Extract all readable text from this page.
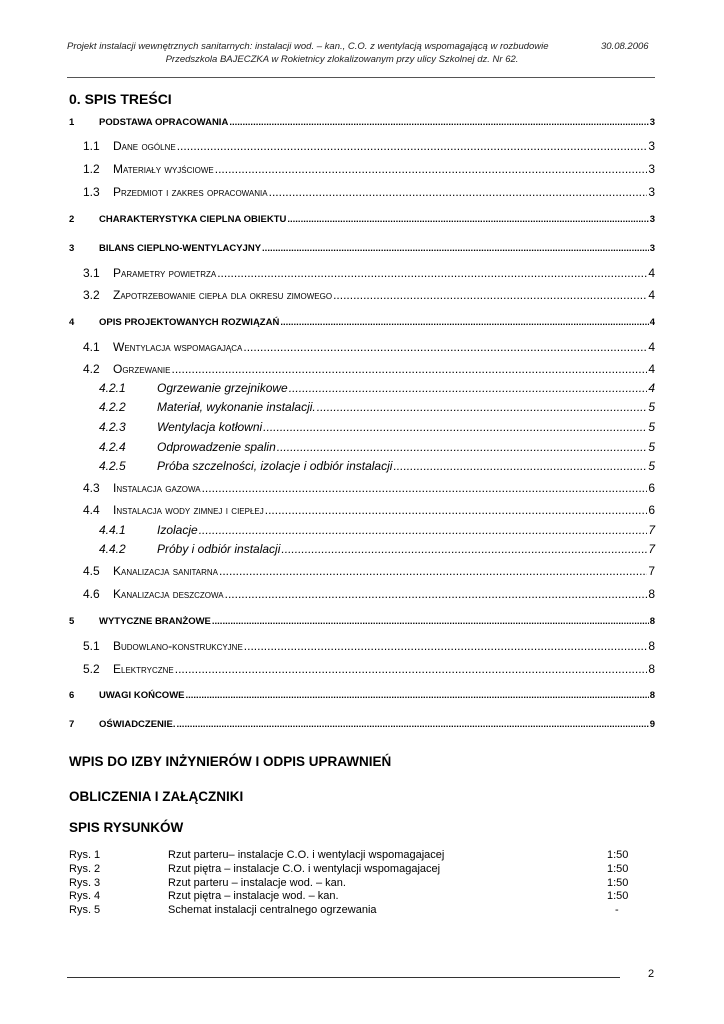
Projekt instalacji wewnętrznych sanitarnych: instalacji wod. – kan., C.O. z wentylacją wspomagającą w rozbudowie	30.08.2006
Przedszkola BAJECZKA w Rokietnicy zlokalizowanym przy ulicy Szkolnej dz. Nr 62.
0. SPIS TREŚCI
1	PODSTAWA OPRACOWANIA .....	3
1.1	Dane ogólne .....	3
1.2	Materiały wyjściowe .....	3
1.3	Przedmiot i zakres opracowania .....	3
2	CHARAKTERYSTYKA CIEPLNA OBIEKTU .....	3
3	BILANS CIEPLNO-WENTYLACYJNY .....	3
3.1	Parametry powietrza .....	4
3.2	Zapotrzebowanie ciepła dla okresu zimowego .....	4
4	OPIS PROJEKTOWANYCH ROZWIĄZAŃ .....	4
4.1	Wentylacja wspomagająca .....	4
4.2	Ogrzewanie .....	4
4.2.1	Ogrzewanie grzejnikowe .....	4
4.2.2	Materiał, wykonanie instalacji. .....	5
4.2.3	Wentylacja kotłowni .....	5
4.2.4	Odprowadzenie spalin .....	5
4.2.5	Próba szczelności, izolacje i odbiór instalacji .....	5
4.3	Instalacja gazowa .....	6
4.4	Instalacja wody zimnej i ciepłej .....	6
4.4.1	Izolacje .....	7
4.4.2	Próby i odbiór instalacji .....	7
4.5	Kanalizacja sanitarna .....	7
4.6	Kanalizacja deszczowa .....	8
5	WYTYCZNE BRANŻOWE .....	8
5.1	Budowlano-konstrukcyjne .....	8
5.2	Elektryczne .....	8
6	UWAGI KOŃCOWE .....	8
7	OŚWIADCZENIE. .....	9
WPIS DO IZBY INŻYNIERÓW I ODPIS UPRAWNIEŃ
OBLICZENIA I ZAŁĄCZNIKI
SPIS RYSUNKÓW
Rys. 1	Rzut parteru– instalacje C.O. i wentylacji wspomagajacej	1:50
Rys. 2	Rzut piętra – instalacje C.O. i wentylacji wspomagajacej	1:50
Rys. 3	Rzut parteru – instalacje wod. – kan.	1:50
Rys. 4	Rzut piętra – instalacje wod. – kan.	1:50
Rys. 5	Schemat instalacji centralnego ogrzewania	-
2
